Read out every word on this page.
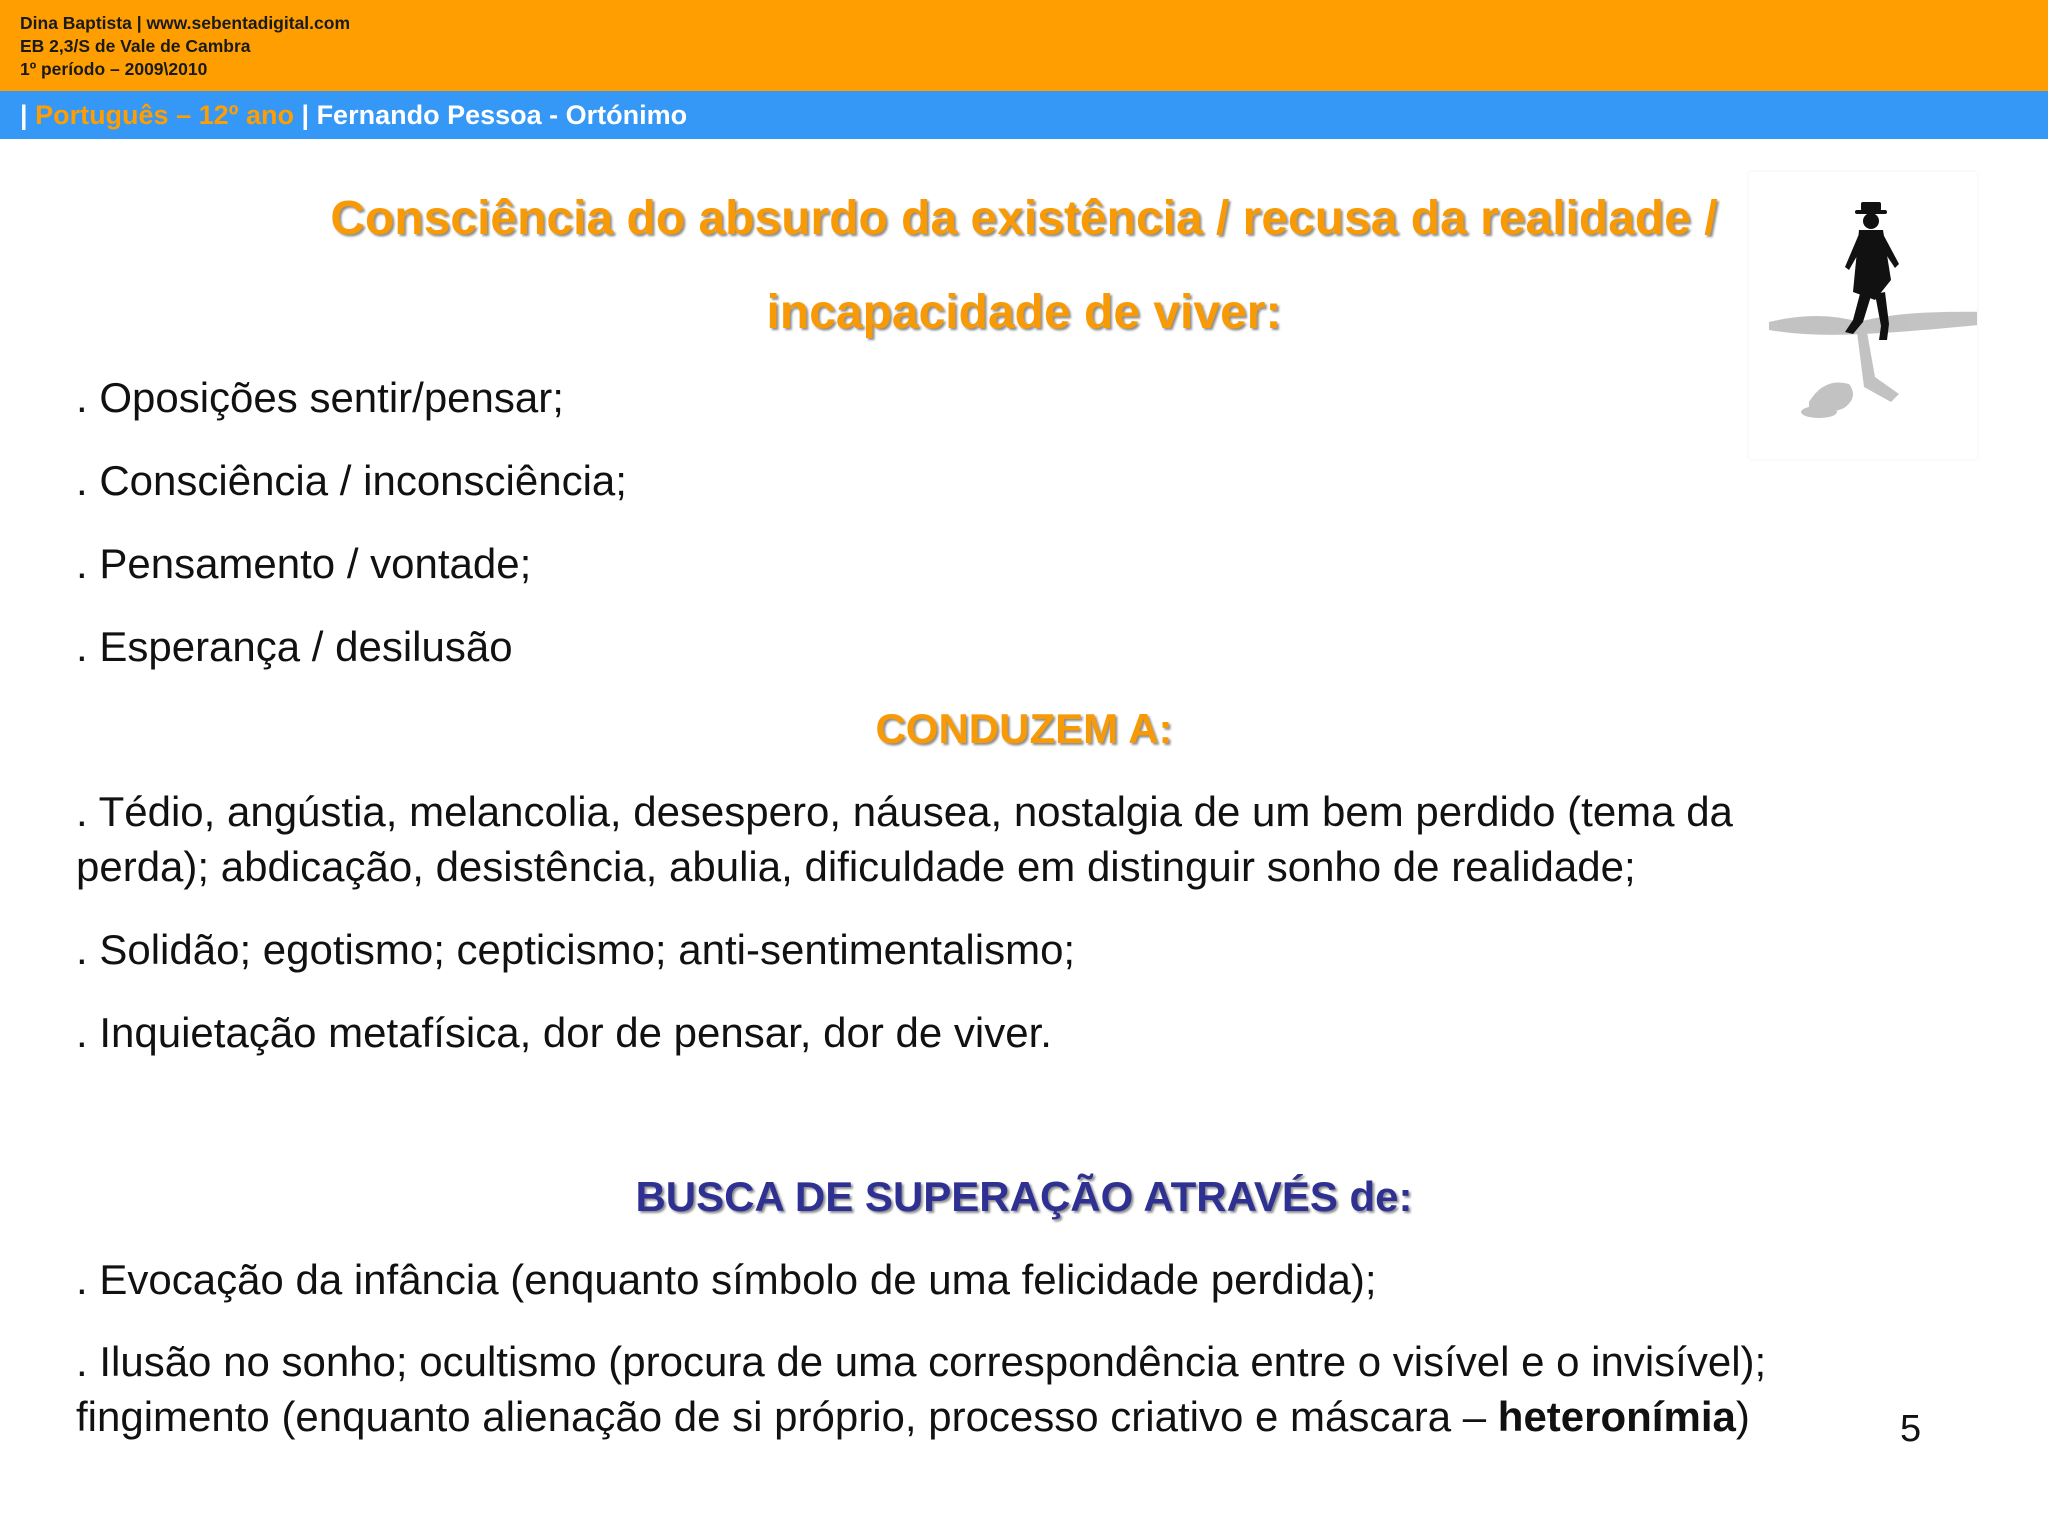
Dina Baptista | www.sebentadigital.com
EB 2,3/S de Vale de Cambra
1º período – 2009\2010
| Português – 12º ano | Fernando Pessoa - Ortónimo
Consciência do absurdo da existência / recusa da realidade /
incapacidade de viver:
. Oposições sentir/pensar;
. Consciência / inconsciência;
. Pensamento / vontade;
. Esperança / desilusão
CONDUZEM A:
. Tédio, angústia, melancolia, desespero, náusea, nostalgia de um bem perdido (tema da
perda); abdicação, desistência, abulia, dificuldade em distinguir sonho de realidade;
. Solidão; egotismo; cepticismo; anti-sentimentalismo;
. Inquietação metafísica, dor de pensar, dor de viver.
BUSCA DE SUPERAÇÃO ATRAVÉS de:
. Evocação da infância (enquanto símbolo de uma felicidade perdida);
. Ilusão no sonho; ocultismo (procura de uma correspondência entre o visível e o invisível);
fingimento (enquanto alienação de si próprio, processo criativo e máscara – heteronímia)	5
